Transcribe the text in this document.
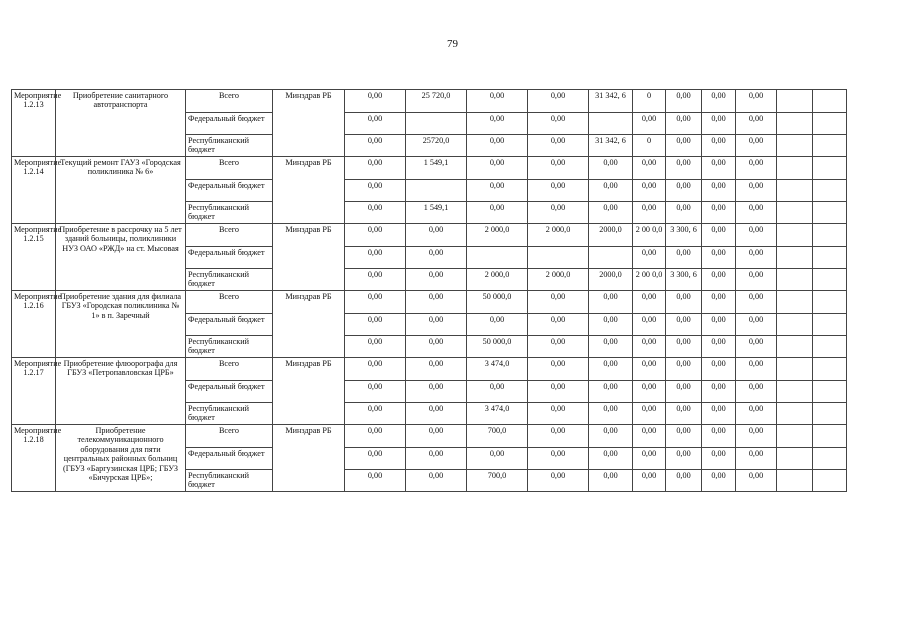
79
Мероприятие 1.2.13	Приобретение санитарного автотранспорта	Всего	Минздрав РБ	0,00	25 720,0	0,00	0,00	31 342, 6	0	0,00	0,00	0,00		
		Федеральный бюджет		0,00		0,00	0,00		0,00	0,00	0,00	0,00		
		Республиканский бюджет		0,00	25720,0	0,00	0,00	31 342, 6	0	0,00	0,00	0,00		
Мероприятие 1.2.14	Текущий ремонт ГАУЗ «Городская поликлиника № 6»	Всего	Минздрав РБ	0,00	1 549,1	0,00	0,00	0,00	0,00	0,00	0,00	0,00		
		Федеральный бюджет		0,00		0,00	0,00	0,00	0,00	0,00	0,00	0,00		
		Республиканский бюджет		0,00	1 549,1	0,00	0,00	0,00	0,00	0,00	0,00	0,00		
Мероприятие 1.2.15	Приобретение в рассрочку на 5 лет зданий больницы, поликлиники НУЗ ОАО «РЖД» на ст. Мысовая	Всего	Минздрав РБ	0,00	0,00	2 000,0	2 000,0	2000,0	2 00 0,0	3 300, 6	0,00	0,00		
		Федеральный бюджет		0,00	0,00				0,00	0,00	0,00	0,00		
		Республиканский бюджет		0,00	0,00	2 000,0	2 000,0	2000,0	2 00 0,0	3 300, 6	0,00	0,00		
Мероприятие 1.2.16	Приобретение здания для филиала ГБУЗ «Городская поликлиника № 1» в п. Заречный	Всего	Минздрав РБ	0,00	0,00	50 000,0	0,00	0,00	0,00	0,00	0,00	0,00		
		Федеральный бюджет		0,00	0,00	0,00	0,00	0,00	0,00	0,00	0,00	0,00		
		Республиканский бюджет		0,00	0,00	50 000,0	0,00	0,00	0,00	0,00	0,00	0,00		
Мероприятие 1.2.17	Приобретение флюорографа для ГБУЗ «Петропавловская ЦРБ»	Всего	Минздрав РБ	0,00	0,00	3 474,0	0,00	0,00	0,00	0,00	0,00	0,00		
		Федеральный бюджет		0,00	0,00	0,00	0,00	0,00	0,00	0,00	0,00	0,00		
		Республиканский бюджет		0,00	0,00	3 474,0	0,00	0,00	0,00	0,00	0,00	0,00		
Мероприятие 1.2.18	Приобретение телекоммуникационного оборудования для пяти центральных районных больниц (ГБУЗ «Баргузинская ЦРБ; ГБУЗ «Бичурская ЦРБ»;	Всего	Минздрав РБ	0,00	0,00	700,0	0,00	0,00	0,00	0,00	0,00	0,00		
		Федеральный бюджет		0,00	0,00	0,00	0,00	0,00	0,00	0,00	0,00	0,00		
		Республиканский бюджет		0,00	0,00	700,0	0,00	0,00	0,00	0,00	0,00	0,00		
